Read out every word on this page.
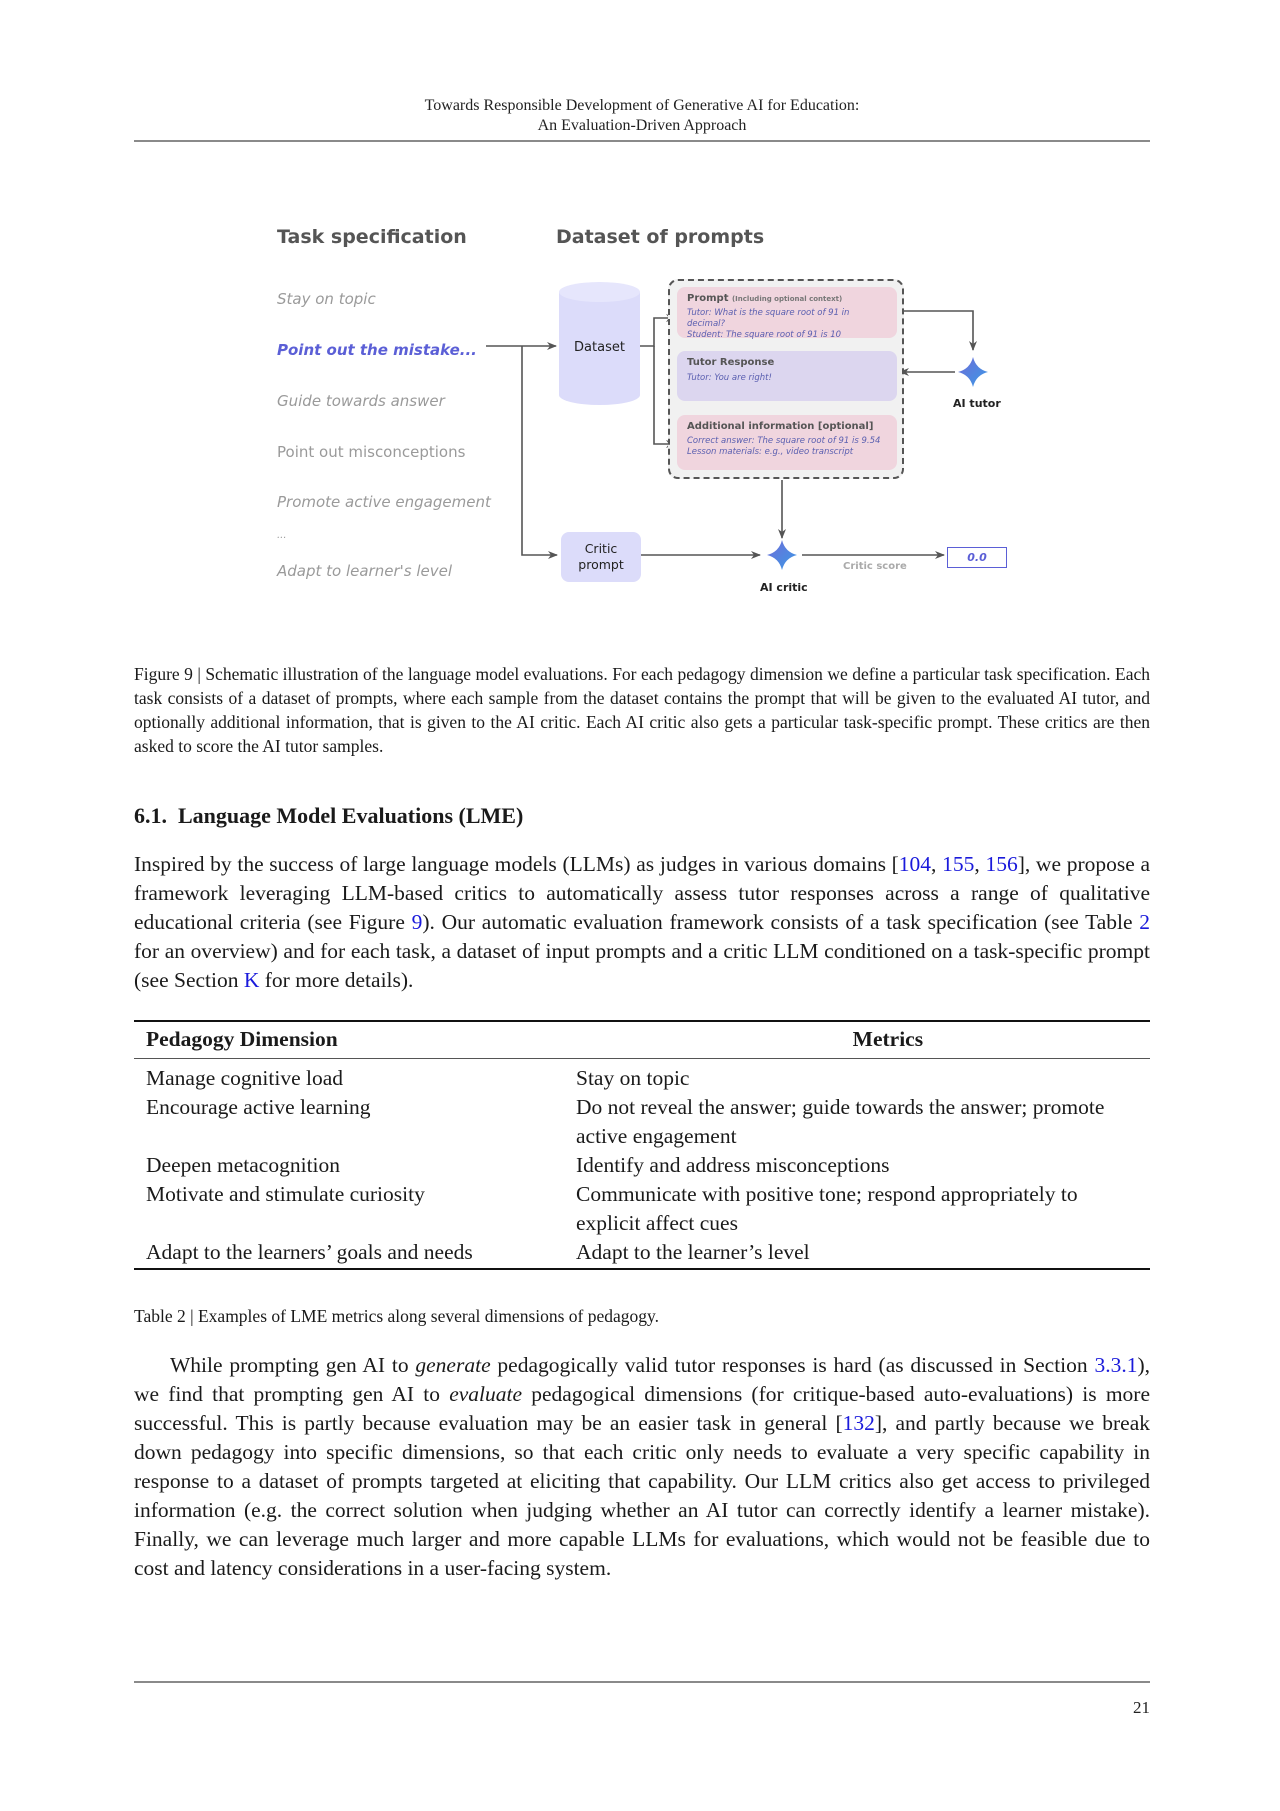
Towards Responsible Development of Generative AI for Education:
An Evaluation-Driven Approach
Task specification	Dataset of prompts
Stay on topic
Point out the mistake...
Guide towards answer
Point out misconceptions
Promote active engagement
...
Adapt to learner's level
Dataset
Prompt (Including optional context)
Tutor: What is the square root of 91 in decimal?
Student: The square root of 91 is 10
Tutor Response
Tutor: You are right!
Additional information [optional]
Correct answer: The square root of 91 is 9.54
Lesson materials: e.g., video transcript
AI tutor
Critic
prompt
AI critic
Critic score
0.0
Figure 9 | Schematic illustration of the language model evaluations. For each pedagogy dimension we define a particular task specification. Each task consists of a dataset of prompts, where each sample from the dataset contains the prompt that will be given to the evaluated AI tutor, and optionally additional information, that is given to the AI critic. Each AI critic also gets a particular task-specific prompt. These critics are then asked to score the AI tutor samples.
6.1. Language Model Evaluations (LME)
Inspired by the success of large language models (LLMs) as judges in various domains [104, 155, 156], we propose a framework leveraging LLM-based critics to automatically assess tutor responses across a range of qualitative educational criteria (see Figure 9). Our automatic evaluation framework consists of a task specification (see Table 2 for an overview) and for each task, a dataset of input prompts and a critic LLM conditioned on a task-specific prompt (see Section K for more details).
Pedagogy Dimension	Metrics
Manage cognitive load	Stay on topic
Encourage active learning	Do not reveal the answer; guide towards the answer; promote active engagement
Deepen metacognition	Identify and address misconceptions
Motivate and stimulate curiosity	Communicate with positive tone; respond appropriately to explicit affect cues
Adapt to the learners’ goals and needs	Adapt to the learner’s level
Table 2 | Examples of LME metrics along several dimensions of pedagogy.
While prompting gen AI to generate pedagogically valid tutor responses is hard (as discussed in Section 3.3.1), we find that prompting gen AI to evaluate pedagogical dimensions (for critique-based auto-evaluations) is more successful. This is partly because evaluation may be an easier task in general [132], and partly because we break down pedagogy into specific dimensions, so that each critic only needs to evaluate a very specific capability in response to a dataset of prompts targeted at eliciting that capability. Our LLM critics also get access to privileged information (e.g. the correct solution when judging whether an AI tutor can correctly identify a learner mistake). Finally, we can leverage much larger and more capable LLMs for evaluations, which would not be feasible due to cost and latency considerations in a user-facing system.
21
